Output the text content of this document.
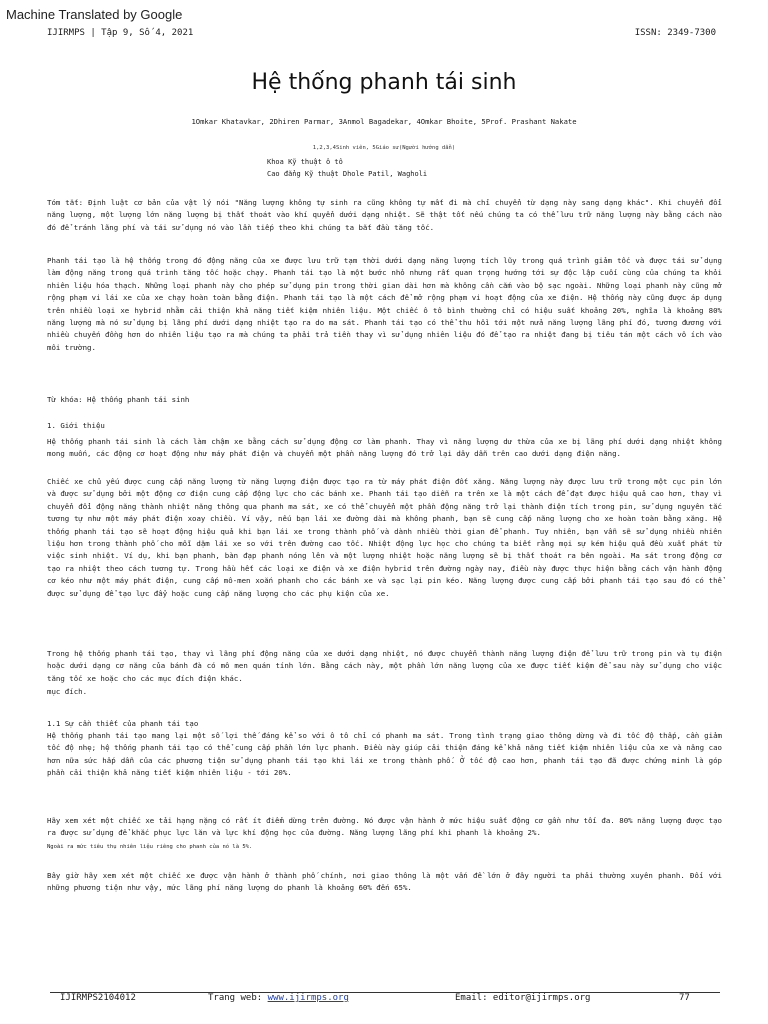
Machine Translated by Google
IJIRMPS | Tập 9, Số 4, 2021	ISSN: 2349-7300
Hệ thống phanh tái sinh
1Omkar Khatavkar, 2Dhiren Parmar, 3Anmol Bagadekar, 4Omkar Bhoite, 5Prof. Prashant Nakate
1,2,3,4Sinh viên, 5Giáo sư(Người hướng dẫn)
Khoa Kỹ thuật ô tô
Cao đẳng Kỹ thuật Dhole Patil, Wagholi

Tóm tắt: Định luật cơ bản của vật lý nói "Năng lượng không tự sinh ra cũng không tự mất đi mà chỉ chuyển từ dạng này sang dạng khác". Khi chuyển đổi năng lượng, một lượng lớn năng lượng bị thất thoát vào khí quyển dưới dạng nhiệt. Sẽ thật tốt nếu chúng ta có thể lưu trữ năng lượng này bằng cách nào đó để tránh lãng phí và tái sử dụng nó vào lần tiếp theo khi chúng ta bắt đầu tăng tốc.

Phanh tái tạo là hệ thống trong đó động năng của xe được lưu trữ tạm thời dưới dạng năng lượng tích lũy trong quá trình giảm tốc và được tái sử dụng làm động năng trong quá trình tăng tốc hoặc chạy. Phanh tái tạo là một bước nhỏ nhưng rất quan trọng hướng tới sự độc lập cuối cùng của chúng ta khỏi nhiên liệu hóa thạch. Những loại phanh này cho phép sử dụng pin trong thời gian dài hơn mà không cần cắm vào bộ sạc ngoài. Những loại phanh này cũng mở rộng phạm vi lái xe của xe chạy hoàn toàn bằng điện. Phanh tái tạo là một cách để mở rộng phạm vi hoạt động của xe điện. Hệ thống này cũng được áp dụng trên nhiều loại xe hybrid nhằm cải thiện khả năng tiết kiệm nhiên liệu. Một chiếc ô tô bình thường chỉ có hiệu suất khoảng 20%, nghĩa là khoảng 80% năng lượng mà nó sử dụng bị lãng phí dưới dạng nhiệt tạo ra do ma sát. Phanh tái tạo có thể thu hồi tới một nửa năng lượng lãng phí đó, tương đương với nhiều chuyến đồng hơn do nhiên liệu tạo ra mà chúng ta phải trả tiền thay vì sử dụng nhiên liệu đó để tạo ra nhiệt đang bị tiêu tán một cách vô ích vào môi trường.

Từ khóa: Hệ thống phanh tái sinh

1. Giới thiệu

Hệ thống phanh tái sinh là cách làm chậm xe bằng cách sử dụng động cơ làm phanh. Thay vì năng lượng dư thừa của xe bị lãng phí dưới dạng nhiệt không mong muốn, các động cơ hoạt động như máy phát điện và chuyển một phần năng lượng đó trở lại dây dẫn trên cao dưới dạng điện năng.

Chiếc xe chủ yếu được cung cấp năng lượng từ năng lượng điện được tạo ra từ máy phát điện đốt xăng. Năng lượng này được lưu trữ trong một cục pin lớn và được sử dụng bởi một động cơ điện cung cấp động lực cho các bánh xe. Phanh tái tạo diễn ra trên xe là một cách để đạt được hiệu quả cao hơn, thay vì chuyển đổi động năng thành nhiệt năng thông qua phanh ma sát, xe có thể chuyển một phần động năng trở lại thành điện tích trong pin, sử dụng nguyên tắc tương tự như một máy phát điện xoay chiều. Ví vậy, nếu bạn lái xe đường dài mà không phanh, bạn sẽ cung cấp năng lượng cho xe hoàn toàn bằng xăng. Hệ thống phanh tái tạo sẽ hoạt động hiệu quả khi bạn lái xe trong thành phố và dành nhiều thời gian để phanh. Tuy nhiên, bạn vẫn sẽ sử dụng nhiều nhiên liệu hơn trong thành phố cho mỗi dặm lái xe so với trên đường cao tốc. Nhiệt động lực học cho chúng ta biết rằng mọi sự kém hiệu quả đều xuất phát từ việc sinh nhiệt. Ví dụ, khi bạn phanh, bàn đạp phanh nóng lên và một lượng nhiệt hoặc năng lượng sẽ bị thất thoát ra bên ngoài. Ma sát trong động cơ tạo ra nhiệt theo cách tương tự. Trong hầu hết các loại xe điện và xe điện hybrid trên đường ngày nay, điều này được thực hiện bằng cách vận hành động cơ kéo như một máy phát điện, cung cấp mô-men xoắn phanh cho các bánh xe và sạc lại pin kéo. Năng lượng được cung cấp bởi phanh tái tạo sau đó có thể được sử dụng để tạo lực đẩy hoặc cung cấp năng lượng cho các phụ kiện của xe.

Trong hệ thống phanh tái tạo, thay vì lãng phí động năng của xe dưới dạng nhiệt, nó được chuyển thành năng lượng điện để lưu trữ trong pin và tụ điện hoặc dưới dạng cơ năng của bánh đà có mô men quán tính lớn. Bằng cách này, một phần lớn năng lượng của xe được tiết kiệm để sau này sử dụng cho việc tăng tốc xe hoặc cho các mục đích điện khác.

mục đích.

1.1 Sự cần thiết của phanh tái tạo

Hệ thống phanh tái tạo mang lại một số lợi thế đáng kể so với ô tô chỉ có phanh ma sát. Trong tình trạng giao thông dừng và đi tốc độ thấp, cần giảm tốc độ nhẹ; hệ thống phanh tái tạo có thể cung cấp phần lớn lực phanh. Điều này giúp cải thiện đáng kể khả năng tiết kiệm nhiên liệu của xe và nâng cao hơn nữa sức hấp dẫn của các phương tiện sử dụng phanh tái tạo khi lái xe trong thành phố. Ở tốc độ cao hơn, phanh tái tạo đã được chứng minh là góp phần cải thiện khả năng tiết kiệm nhiên liệu - tới 20%.

Hãy xem xét một chiếc xe tải hạng nặng có rất ít điểm dừng trên đường. Nó được vận hành ở mức hiệu suất động cơ gần như tối đa. 80% năng lượng được tạo ra được sử dụng để khắc phục lực lăn và lực khí động học của đường. Năng lượng lãng phí khi phanh là khoảng 2%.

Ngoài ra mức tiêu thụ nhiên liệu riêng cho phanh của nó là 5%.

Bây giờ hãy xem xét một chiếc xe được vận hành ở thành phố chính, nơi giao thông là một vấn đề lớn ở đây người ta phải thường xuyên phanh. Đối với những phương tiện như vậy, mức lãng phí năng lượng do phanh là khoảng 60% đến 65%.

IJIRMPS2104012	Trang web: www.ijirmps.org	Email: editor@ijirmps.org	77
